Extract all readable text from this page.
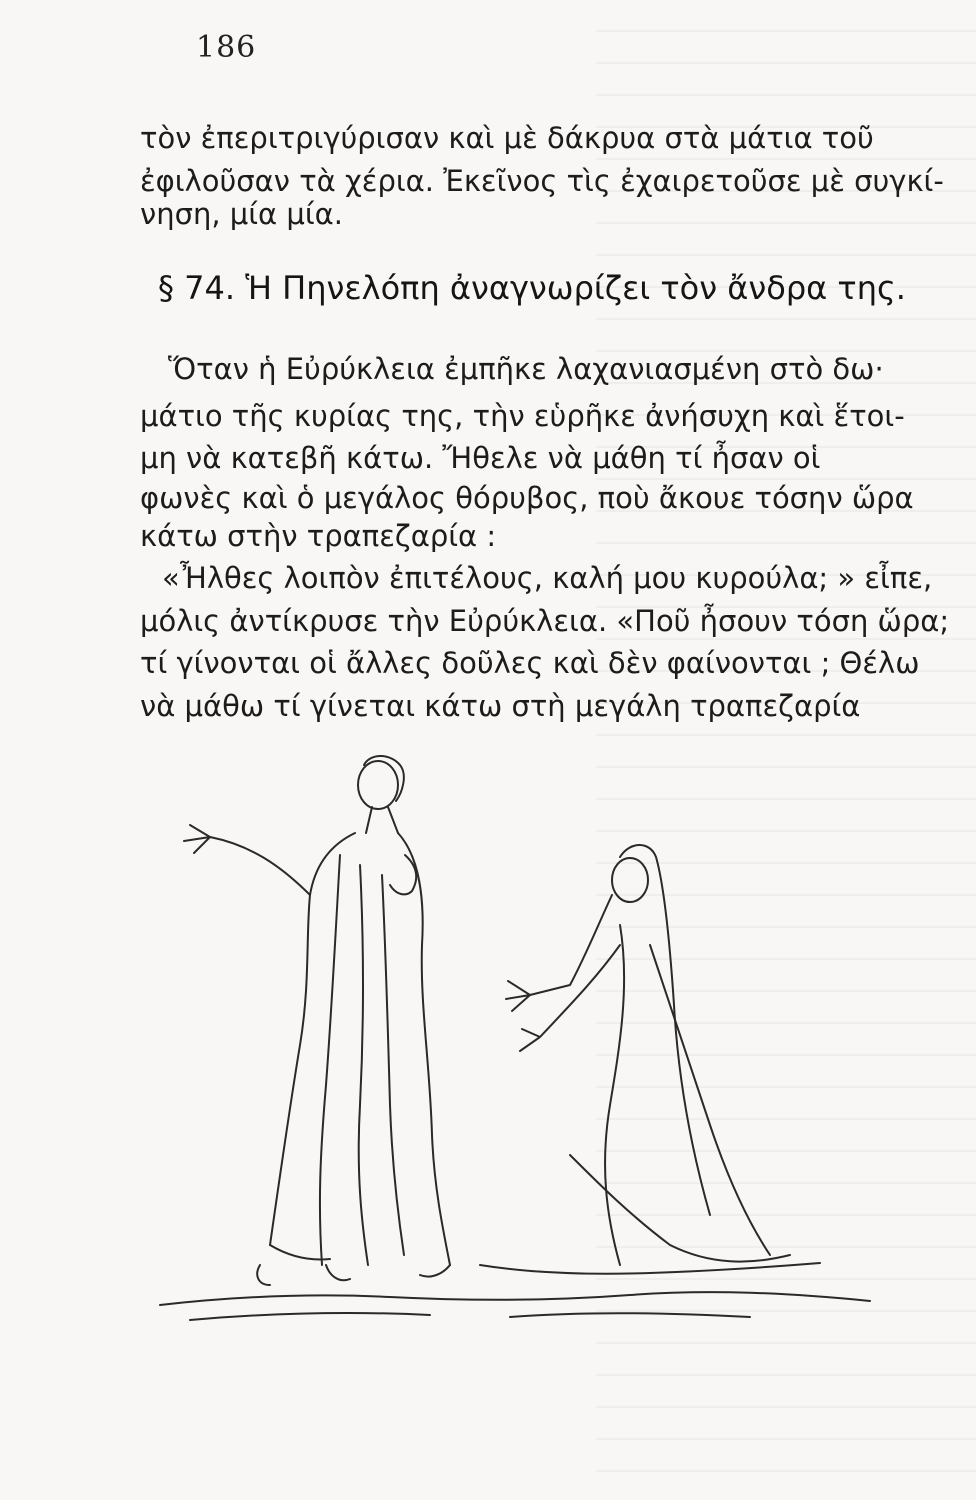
186
τὸν ἐπεριτριγύρισαν καὶ μὲ δάκρυα στὰ μάτια τοῦ
ἐφιλοῦσαν τὰ χέρια. Ἐκεῖνος τὶς ἐχαιρετοῦσε μὲ συγκί-
νηση, μία μία.
§ 74. Ἡ Πηνελόπη ἀναγνωρίζει τὸν ἄνδρα της.
Ὅταν ἡ Εὐρύκλεια ἐμπῆκε λαχανιασμένη στὸ δω·
μάτιο τῆς κυρίας της, τὴν εὑρῆκε ἀνήσυχη καὶ ἕτοι-
μη νὰ κατεβῆ κάτω. Ἤθελε νὰ μάθη τί ἦσαν οἱ
φωνὲς καὶ ὁ μεγάλος θόρυβος, ποὺ ἄκουε τόσην ὥρα
κάτω στὴν τραπεζαρία :
«Ἦλθες λοιπὸν ἐπιτέλους, καλή μου κυρούλα; » εἶπε,
μόλις ἀντίκρυσε τὴν Εὐρύκλεια. «Ποῦ ἦσουν τόση ὥρα;
τί γίνονται οἱ ἄλλες δοῦλες καὶ δὲν φαίνονται ; Θέλω
νὰ μάθω τί γίνεται κάτω στὴ μεγάλη τραπεζαρία
